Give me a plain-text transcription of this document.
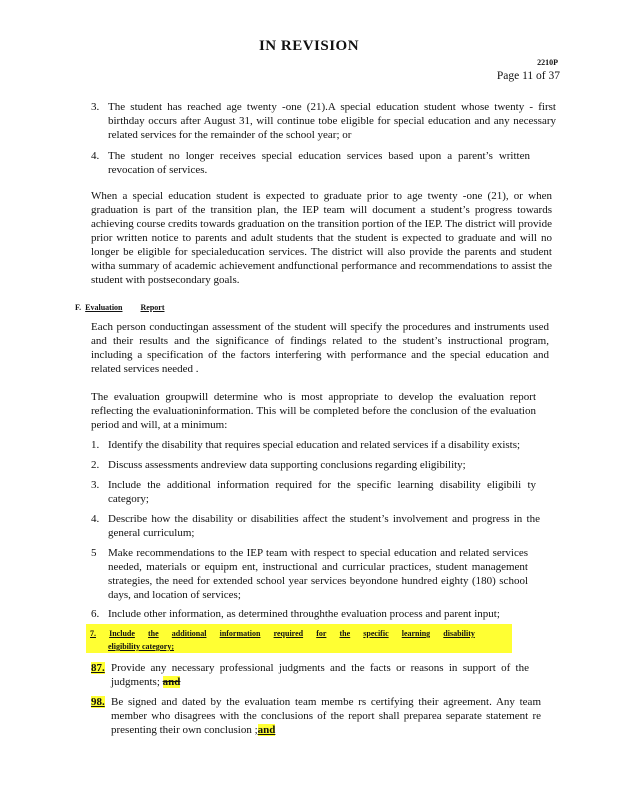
IN REVISION
2210P
Page 11 of 37
3. The student has reached age twenty -one (21).A special education student whose twenty - first birthday occurs after August 31, will continue tobe eligible for special education and any necessary related services for the remainder of the school year; or
4. The student no longer receives special education services based upon a parent’s written revocation of services.
When a special education student is expected to graduate prior to age twenty -one (21), or when graduation is part of the transition plan, the IEP team will document a student’s progress towards achieving course credits towards graduation on the transition portion of the IEP. The district will provide prior written notice to parents and adult students that the student is expected to graduate and will no longer be eligible for specialeducation services. The district will also provide the parents and student witha summary of academic achievement andfunctional performance and recommendations to assist the student with postsecondary goals.
F. Evaluation Report
Each person conductingan assessment of the student will specify the procedures and instruments used and their results and the significance of findings related to the student’s instructional program, including a specification of the factors interfering with performance and the special education and related services needed .
The evaluation groupwill determine who is most appropriate to develop the evaluation report reflecting the evaluationinformation. This will be completed before the conclusion of the evaluation period and will, at a minimum:
1. Identify the disability that requires special education and related services if a disability exists;
2. Discuss assessments andreview data supporting conclusions regarding eligibility;
3. Include the additional information required for the specific learning disability eligibili ty category;
4. Describe how the disability or disabilities affect the student’s involvement and progress in the general curriculum;
5 Make recommendations to the IEP team with respect to special education and related services needed, materials or equipm ent, instructional and curricular practices, student management strategies, the need for extended school year services beyondone hundred eighty (180) school days, and location of services;
6. Include other information, as determined throughthe evaluation process and parent input;
7. Include the additional information required for the specific learning disability
eligibility category;
87. Provide any necessary professional judgments and the facts or reasons in support of the judgments; and
98. Be signed and dated by the evaluation team membe rs certifying their agreement. Any team member who disagrees with the conclusions of the report shall preparea separate statement re presenting their own conclusion ;and
